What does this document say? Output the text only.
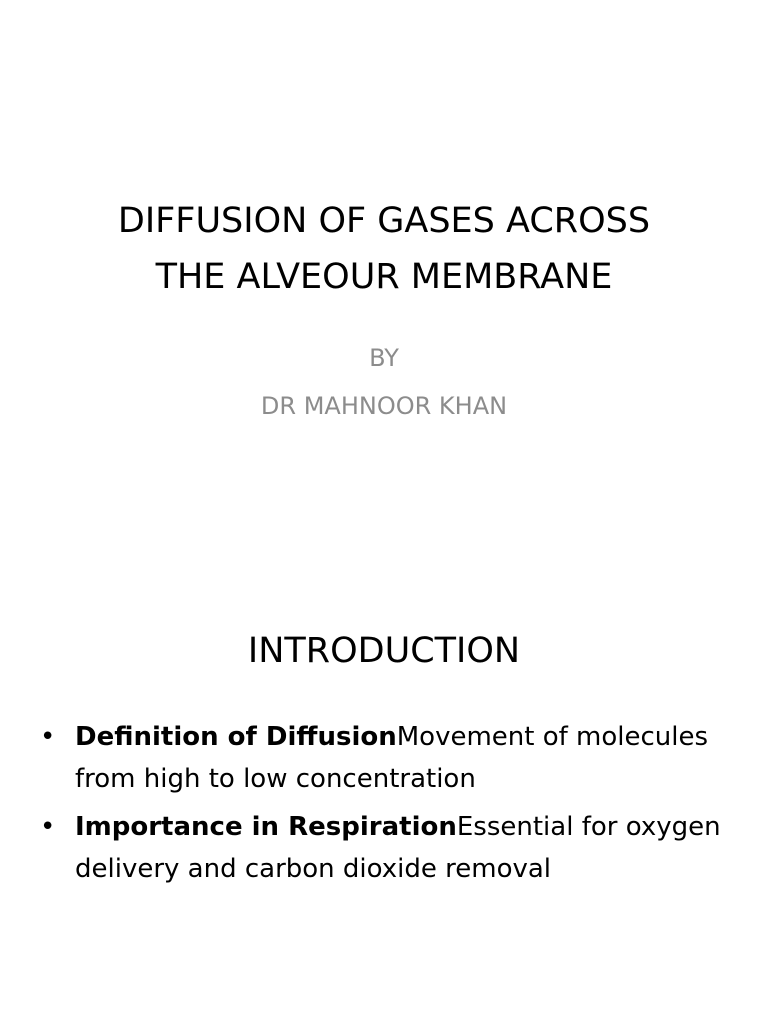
DIFFUSION OF GASES ACROSS
THE ALVEOUR MEMBRANE
BY
DR MAHNOOR KHAN
INTRODUCTION
• Definition of DiffusionMovement of molecules from high to low concentration
• Importance in RespirationEssential for oxygen delivery and carbon dioxide removal
